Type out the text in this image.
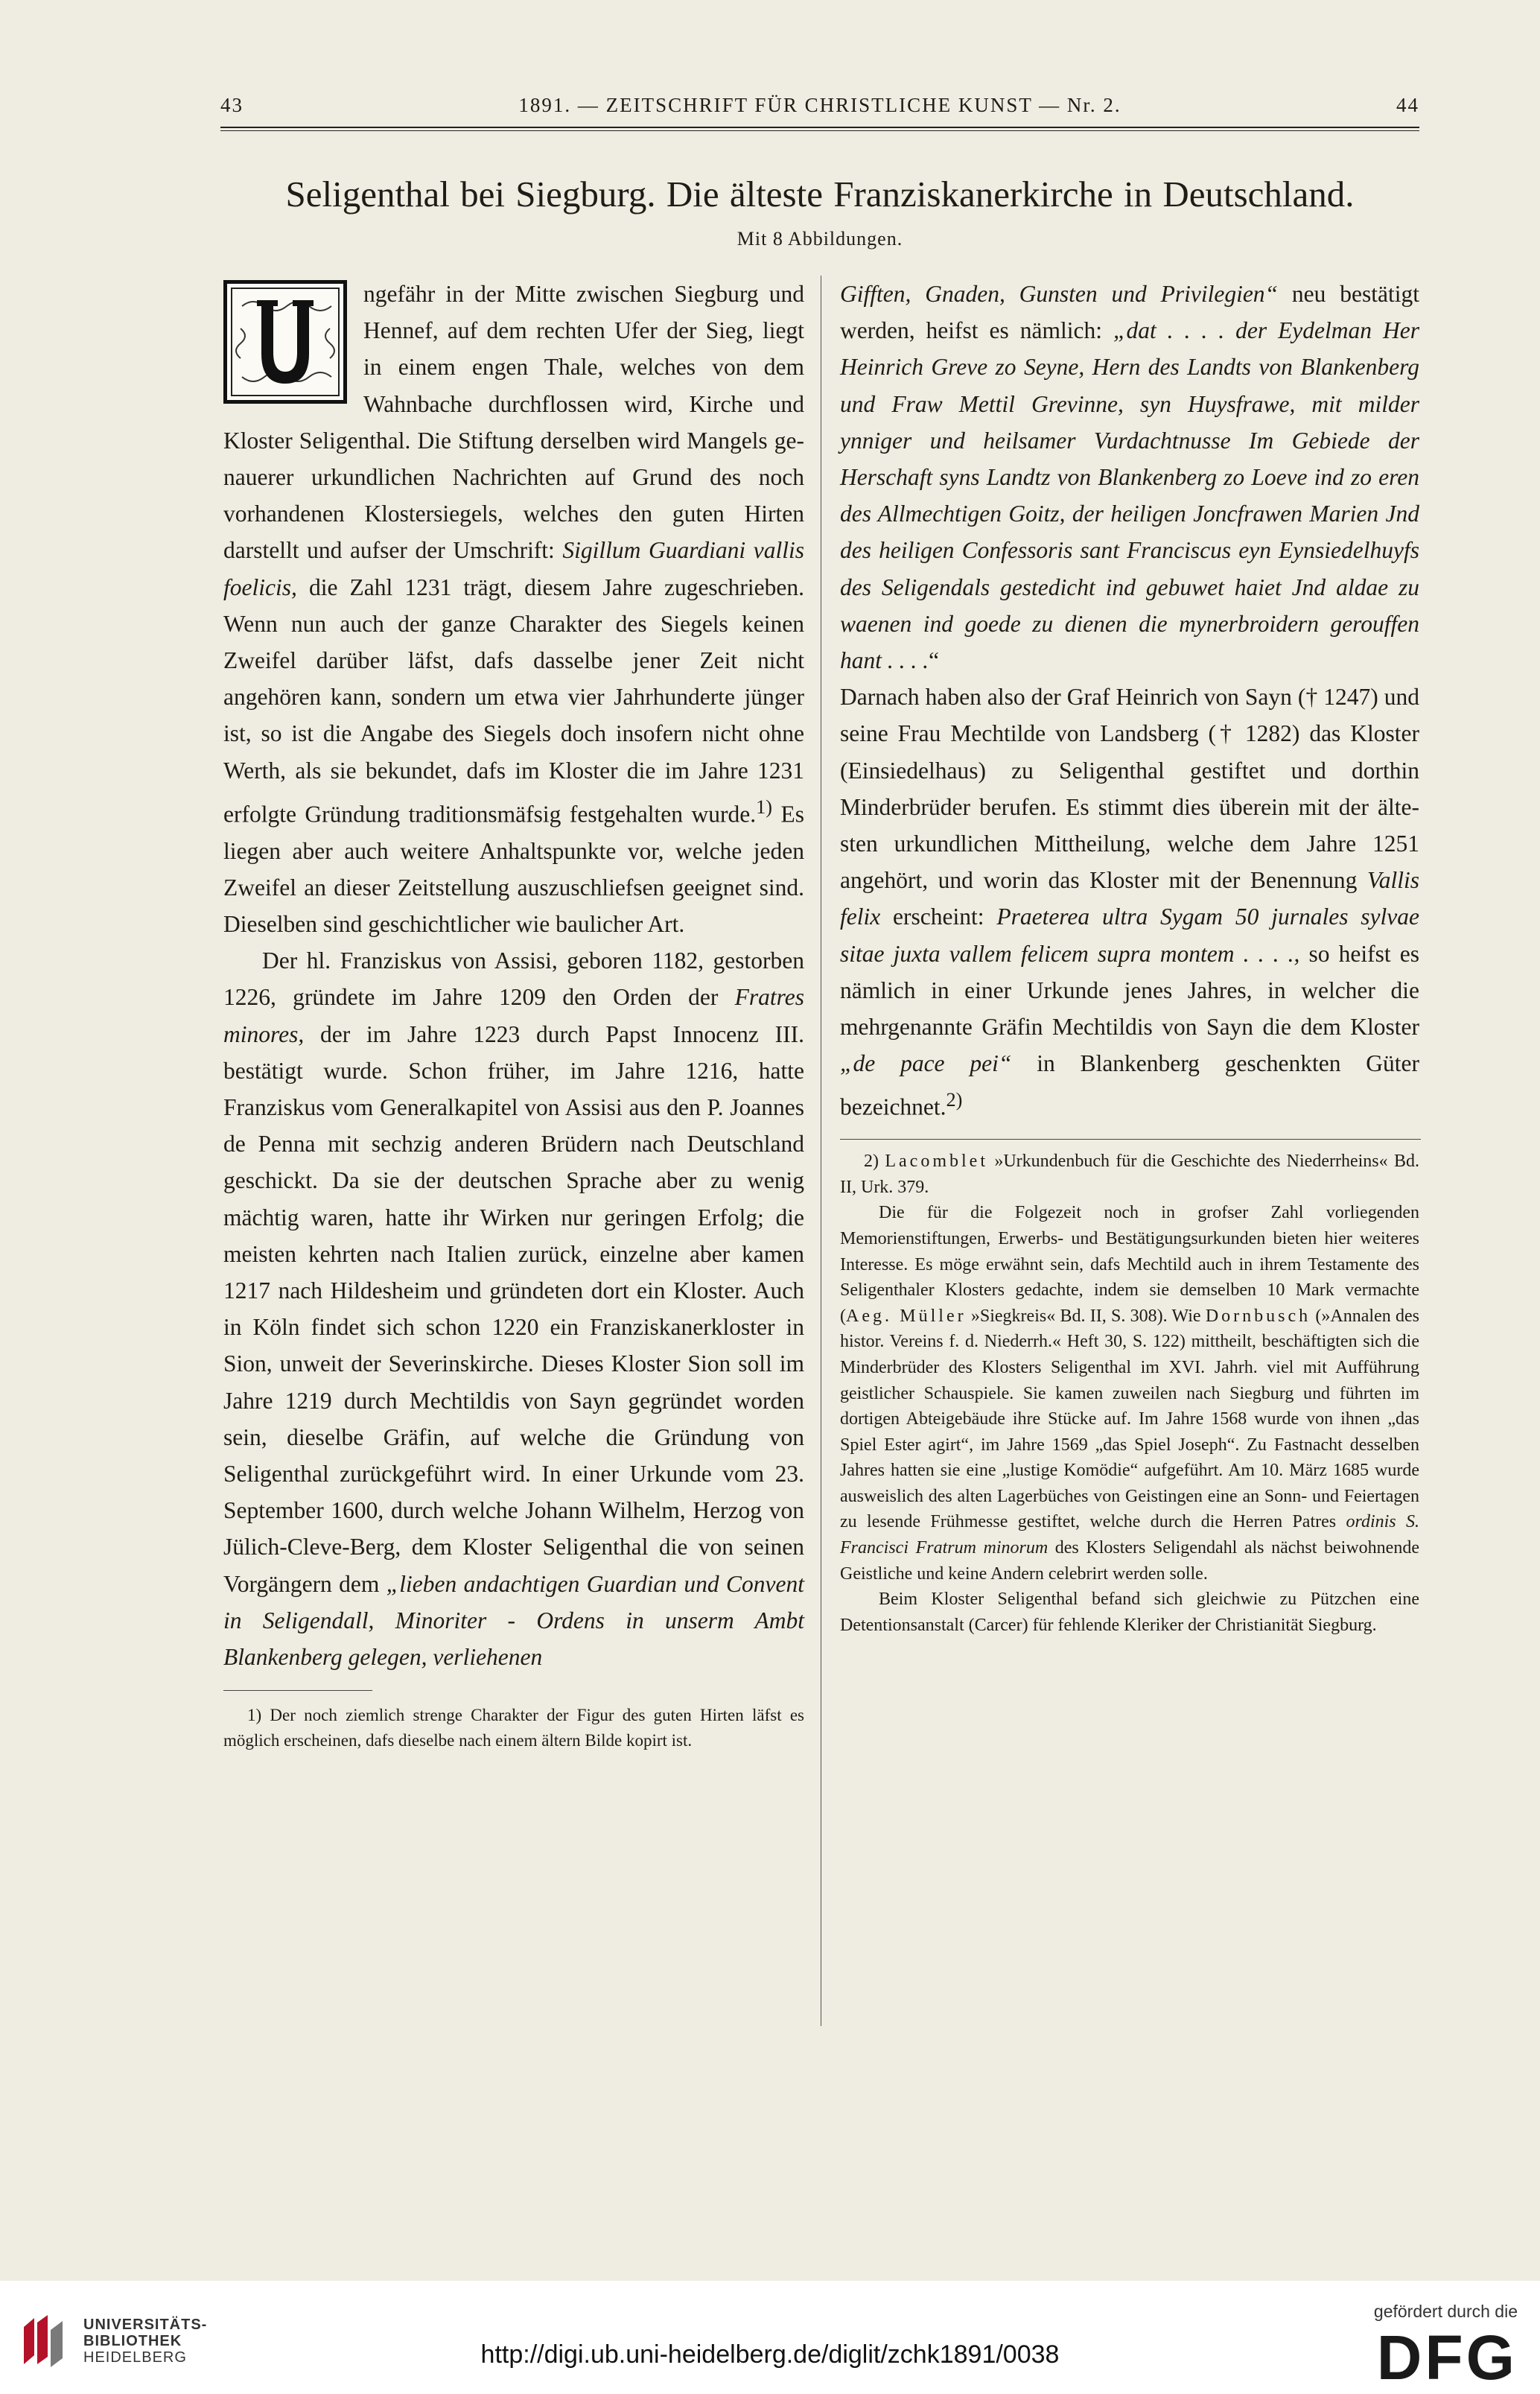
43	1891. — ZEITSCHRIFT FÜR CHRISTLICHE KUNST — Nr. 2.	44
Seligenthal bei Siegburg. Die älteste Franziskanerkirche in Deutschland.
Mit 8 Abbildungen.

ngefähr in der Mitte zwischen Siegburg und Hennef, auf dem rechten Ufer der Sieg, liegt in einem engen Thale, welches von dem Wahnbache durchflossen wird, Kirche und Kloster Seligenthal. Die Stiftung derselben wird Mangels genauerer urkundlichen Nachrichten auf Grund des noch vorhandenen Klostersiegels, welches den guten Hirten darstellt und aufser der Umschrift: Sigillum Guardiani vallis foelicis, die Zahl 1231 trägt, diesem Jahre zugeschrieben. Wenn nun auch der ganze Charakter des Siegels keinen Zweifel darüber läfst, dafs dasselbe jener Zeit nicht angehören kann, sondern um etwa vier Jahrhunderte jünger ist, so ist die Angabe des Siegels doch insofern nicht ohne Werth, als sie bekundet, dafs im Kloster die im Jahre 1231 erfolgte Gründung traditionsmäfsig festgehalten wurde.$^{1)}$ Es liegen aber auch weitere Anhaltspunkte vor, welche jeden Zweifel an dieser Zeitstellung auszuschliefsen geeignet sind. Dieselben sind geschichtlicher wie baulicher Art.

Der hl. Franziskus von Assisi, geboren 1182, gestorben 1226, gründete im Jahre 1209 den Orden der Fratres minores, der im Jahre 1223 durch Papst Innocenz III. bestätigt wurde. Schon früher, im Jahre 1216, hatte Franziskus vom Generalkapitel von Assisi aus den P. Joannes de Penna mit sechzig anderen Brüdern nach Deutschland geschickt. Da sie der deutschen Sprache aber zu wenig mächtig waren, hatte ihr Wirken nur geringen Erfolg; die meisten kehrten nach Italien zurück, einzelne aber kamen 1217 nach Hildesheim und gründeten dort ein Kloster. Auch in Köln findet sich schon 1220 ein Franziskanerkloster in Sion, unweit der Severinskirche. Dieses Kloster Sion soll im Jahre 1219 durch Mechtildis von Sayn gegründet worden sein, dieselbe Gräfin, auf welche die Gründung von Seligenthal zurückgeführt wird. In einer Urkunde vom 23. September 1600, durch welche Johann Wilhelm, Herzog von Jülich-Cleve-Berg, dem Kloster Seligenthal die von seinen Vorgängern dem „lieben andachtigen Guardian und Convent in Seligendall, Minoriter - Ordens in unserm Ambt Blankenberg gelegen, verliehenen

1) Der noch ziemlich strenge Charakter der Figur des guten Hirten läfst es möglich erscheinen, dafs dieselbe nach einem ältern Bilde kopirt ist.

Gifften, Gnaden, Gunsten und Privilegien“ neu bestätigt werden, heifst es nämlich: „dat . . . . der Eydelman Her Heinrich Greve zo Seyne, Hern des Landts von Blankenberg und Fraw Mettil Grevinne, syn Huysfrawe, mit milder ynniger und heilsamer Vurdachtnusse Im Gebiede der Herschaft syns Landtz von Blankenberg zo Loeve ind zo eren des Allmechtigen Goitz, der heiligen Joncfrawen Marien Jnd des heiligen Confessoris sant Franciscus eyn Eynsiedelhuyfs des Seligendals gestedicht ind gebuwet haiet Jnd aldae zu waenen ind goede zu dienen die mynerbroidern gerouffen hant . . . .“

Darnach haben also der Graf Heinrich von Sayn († 1247) und seine Frau Mechtilde von Landsberg († 1282) das Kloster (Einsiedelhaus) zu Seligenthal gestiftet und dorthin Minderbrüder berufen. Es stimmt dies überein mit der ältesten urkundlichen Mittheilung, welche dem Jahre 1251 angehört, und worin das Kloster mit der Benennung Vallis felix erscheint: Praeterea ultra Sygam 50 jurnales sylvae sitae juxta vallem felicem supra montem . . . ., so heifst es nämlich in einer Urkunde jenes Jahres, in welcher die mehrgenannte Gräfin Mechtildis von Sayn die dem Kloster „de pace pei“ in Blankenberg geschenkten Güter bezeichnet.$^{2)}$

2) Lacomblet »Urkundenbuch für die Geschichte des Niederrheins« Bd. II, Urk. 379.

Die für die Folgezeit noch in grofser Zahl vorliegenden Memorienstiftungen, Erwerbs- und Bestätigungsurkunden bieten hier weiteres Interesse. Es möge erwähnt sein, dafs Mechtild auch in ihrem Testamente des Seligenthaler Klosters gedachte, indem sie demselben 10 Mark vermachte (Aeg. Müller »Siegkreis« Bd. II, S. 308). Wie Dornbusch (»Annalen des histor. Vereins f. d. Niederrh.« Heft 30, S. 122) mittheilt, beschäftigten sich die Minderbrüder des Klosters Seligenthal im XVI. Jahrh. viel mit Aufführung geistlicher Schauspiele. Sie kamen zuweilen nach Siegburg und führten im dortigen Abteigebäude ihre Stücke auf. Im Jahre 1568 wurde von ihnen „das Spiel Ester agirt“, im Jahre 1569 „das Spiel Joseph“. Zu Fastnacht desselben Jahres hatten sie eine „lustige Komödie“ aufgeführt. Am 10. März 1685 wurde ausweislich des alten Lagerbüches von Geistingen eine an Sonn- und Feiertagen zu lesende Frühmesse gestiftet, welche durch die Herren Patres ordinis S. Francisci Fratrum minorum des Klosters Seligendahl als nächst beiwohnende Geistliche und keine Andern celebrirt werden solle.

Beim Kloster Seligenthal befand sich gleichwie zu Pützchen eine Detentionsanstalt (Carcer) für fehlende Kleriker der Christianität Siegburg.

UNIVERSITÄTS-
BIBLIOTHEK
HEIDELBERG	http://digi.ub.uni-heidelberg.de/diglit/zchk1891/0038
gefördert durch die
DFG
